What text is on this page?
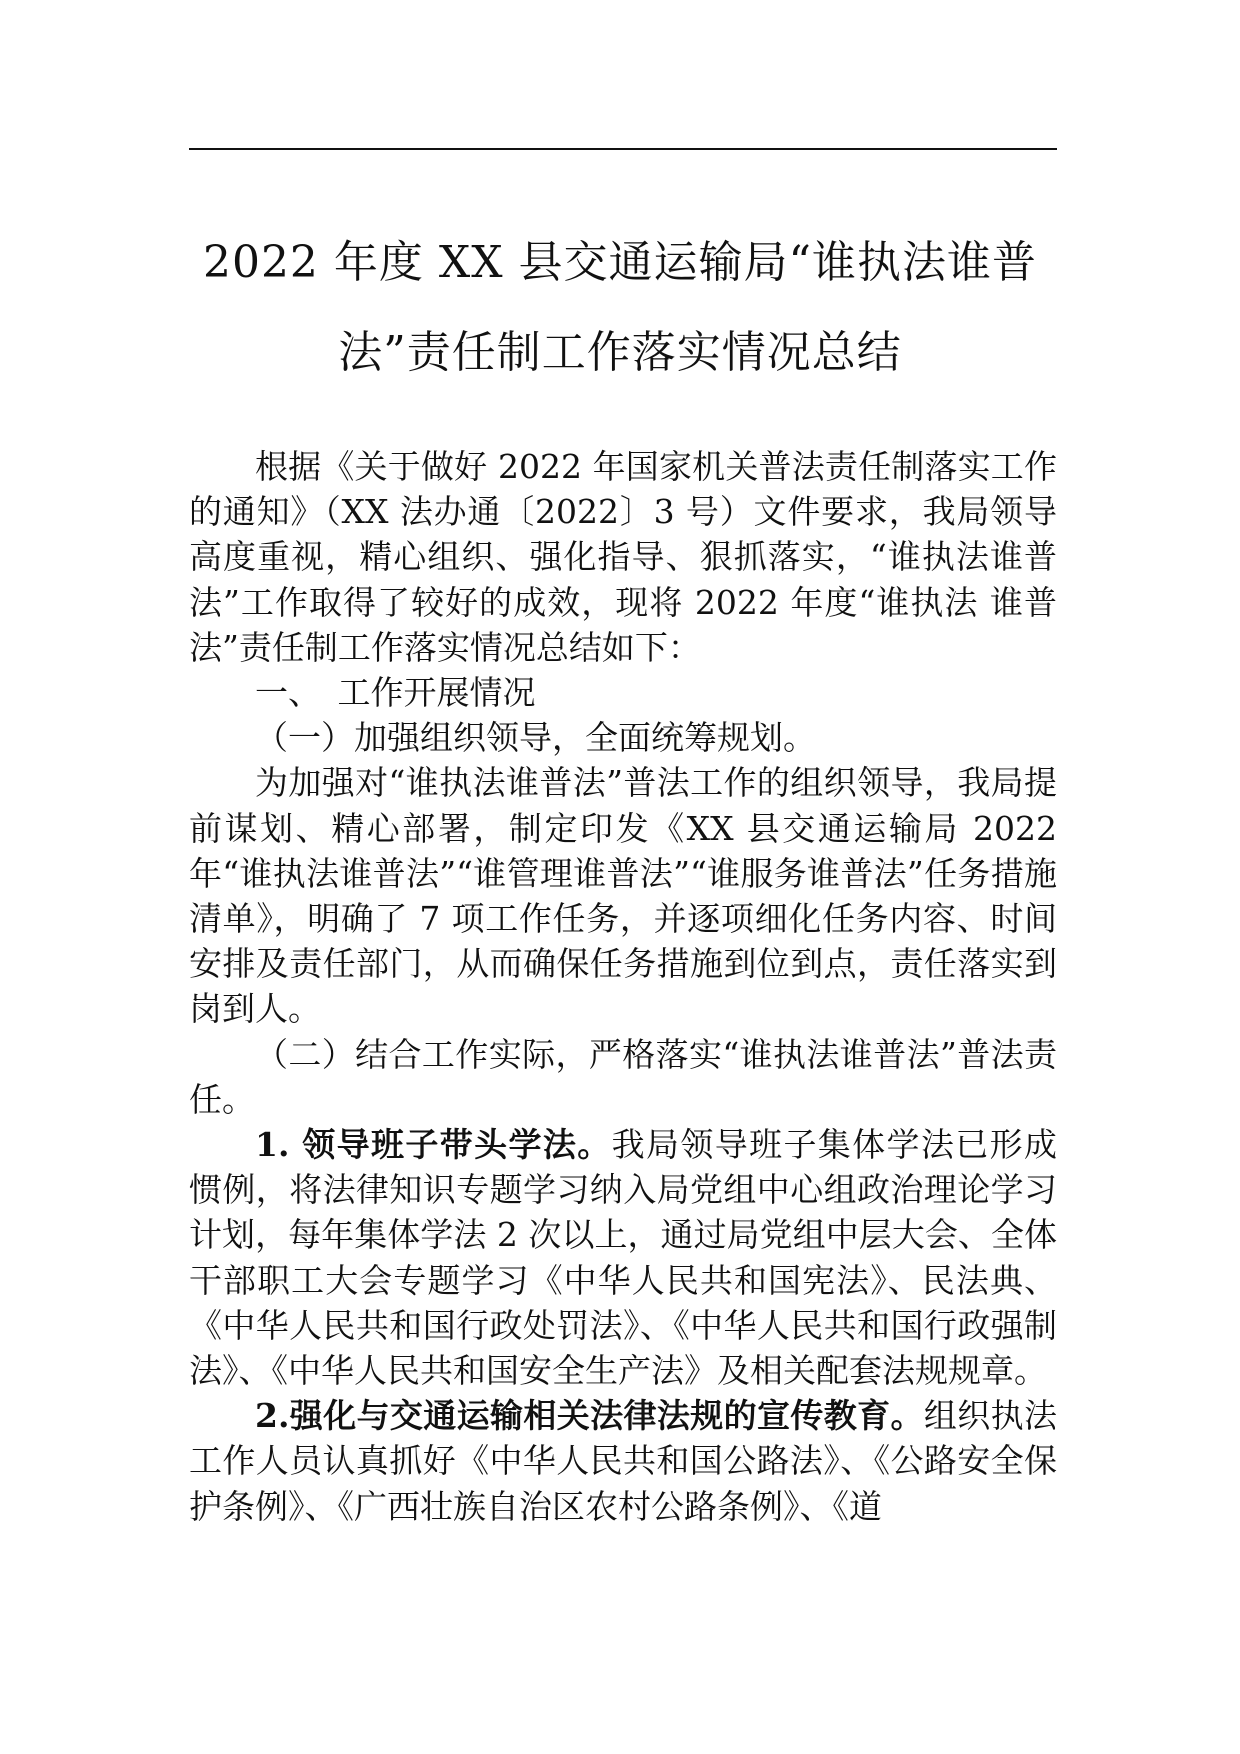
2022 年度 XX 县交通运输局“谁执法谁普
法”责任制工作落实情况总结

根据《关于做好 2022 年国家机关普法责任制落实工作的通知》（XX 法办通〔2022〕3 号）文件要求，我局领导高度重视，精心组织、强化指导、狠抓落实，“谁执法谁普法”工作取得了较好的成效，现将 2022 年度“谁执法 谁普法”责任制工作落实情况总结如下：

一、　工作开展情况

（一）加强组织领导，全面统筹规划。

为加强对“谁执法谁普法”普法工作的组织领导，我局提前谋划、精心部署，制定印发《XX 县交通运输局 2022 年“谁执法谁普法”“谁管理谁普法”“谁服务谁普法”任务措施清单》，明确了 7 项工作任务，并逐项细化任务内容、时间安排及责任部门，从而确保任务措施到位到点，责任落实到岗到人。

（二）结合工作实际，严格落实“谁执法谁普法”普法责任。

1. 领导班子带头学法。我局领导班子集体学法已形成惯例，将法律知识专题学习纳入局党组中心组政治理论学习计划，每年集体学法 2 次以上，通过局党组中层大会、全体干部职工大会专题学习《中华人民共和国宪法》、民法典、《中华人民共和国行政处罚法》、《中华人民共和国行政强制法》、《中华人民共和国安全生产法》及相关配套法规规章。

2.强化与交通运输相关法律法规的宣传教育。组织执法工作人员认真抓好《中华人民共和国公路法》、《公路安全保护条例》、《广西壮族自治区农村公路条例》、《道
